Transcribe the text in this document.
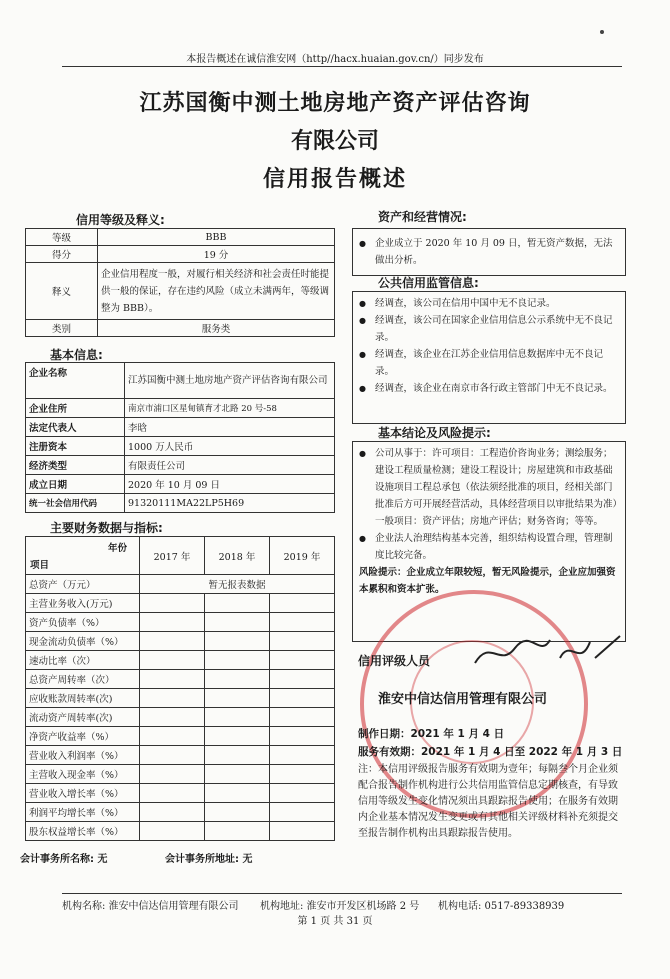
本报告概述在诚信淮安网（http//hacx.huaian.gov.cn/）同步发布
江苏国衡中测土地房地产资产评估咨询
有限公司
信用报告概述
信用等级及释义:
等级	BBB
得分	19 分
释义	企业信用程度一般，对履行相关经济和社会责任时能提供一般的保证，存在违约风险（成立未满两年，等级调整为 BBB）。
类别	服务类
基本信息:
企业名称	江苏国衡中测土地房地产资产评估咨询有限公司
企业住所	南京市浦口区星甸镇育才北路 20 号-58
法定代表人	李晗
注册资本	1000 万人民币
经济类型	有限责任公司
成立日期	2020 年 10 月 09 日
统一社会信用代码	91320111MA22LP5H69
主要财务数据与指标:
年份
项目	2017 年	2018 年	2019 年
总资产（万元）	暂无报表数据		
主营业务收入(万元)			
资产负债率（%）			
现金流动负债率（%）			
速动比率（次）			
总资产周转率（次）			
应收账款周转率(次)			
流动资产周转率(次)			
净资产收益率（%）			
营业收入利润率（%）			
主营收入现金率（%）			
营业收入增长率（%）			
利润平均增长率（%）			
股东权益增长率（%）			
会计事务所名称: 无	会计事务所地址: 无
资产和经营情况:
● 企业成立于 2020 年 10 月 09 日，暂无资产数据，无法做出分析。
公共信用监管信息:
● 经调查，该公司在信用中国中无不良记录。
● 经调查，该公司在国家企业信用信息公示系统中无不良记录。
● 经调查，该企业在江苏企业信用信息数据库中无不良记录。
● 经调查，该企业在南京市各行政主管部门中无不良记录。
基本结论及风险提示:
● 公司从事于：许可项目：工程造价咨询业务；测绘服务；建设工程质量检测；建设工程设计；房屋建筑和市政基础设施项目工程总承包（依法须经批准的项目，经相关部门批准后方可开展经营活动，具体经营项目以审批结果为准）一般项目：资产评估；房地产评估；财务咨询；等等。
● 企业法人治理结构基本完善，组织结构设置合理，管理制度比较完备。
风险提示：企业成立年限较短，暂无风险提示，企业应加强资本累积和资本扩张。
信用评级人员
淮安中信达信用管理有限公司
制作日期：2021 年 1 月 4 日
服务有效期：2021 年 1 月 4 日至 2022 年 1 月 3 日
注：本信用评级报告服务有效期为壹年；每隔叁个月企业须配合报告制作机构进行公共信用监管信息定期核查，有导致信用等级发生变化情况须出具跟踪报告使用；在服务有效期内企业基本情况发生变更或有其他相关评级材料补充须提交至报告制作机构出具跟踪报告使用。
机构名称: 淮安中信达信用管理有限公司 机构地址: 淮安市开发区机场路 2 号 机构电话: 0517-89338939
第 1 页 共 31 页
